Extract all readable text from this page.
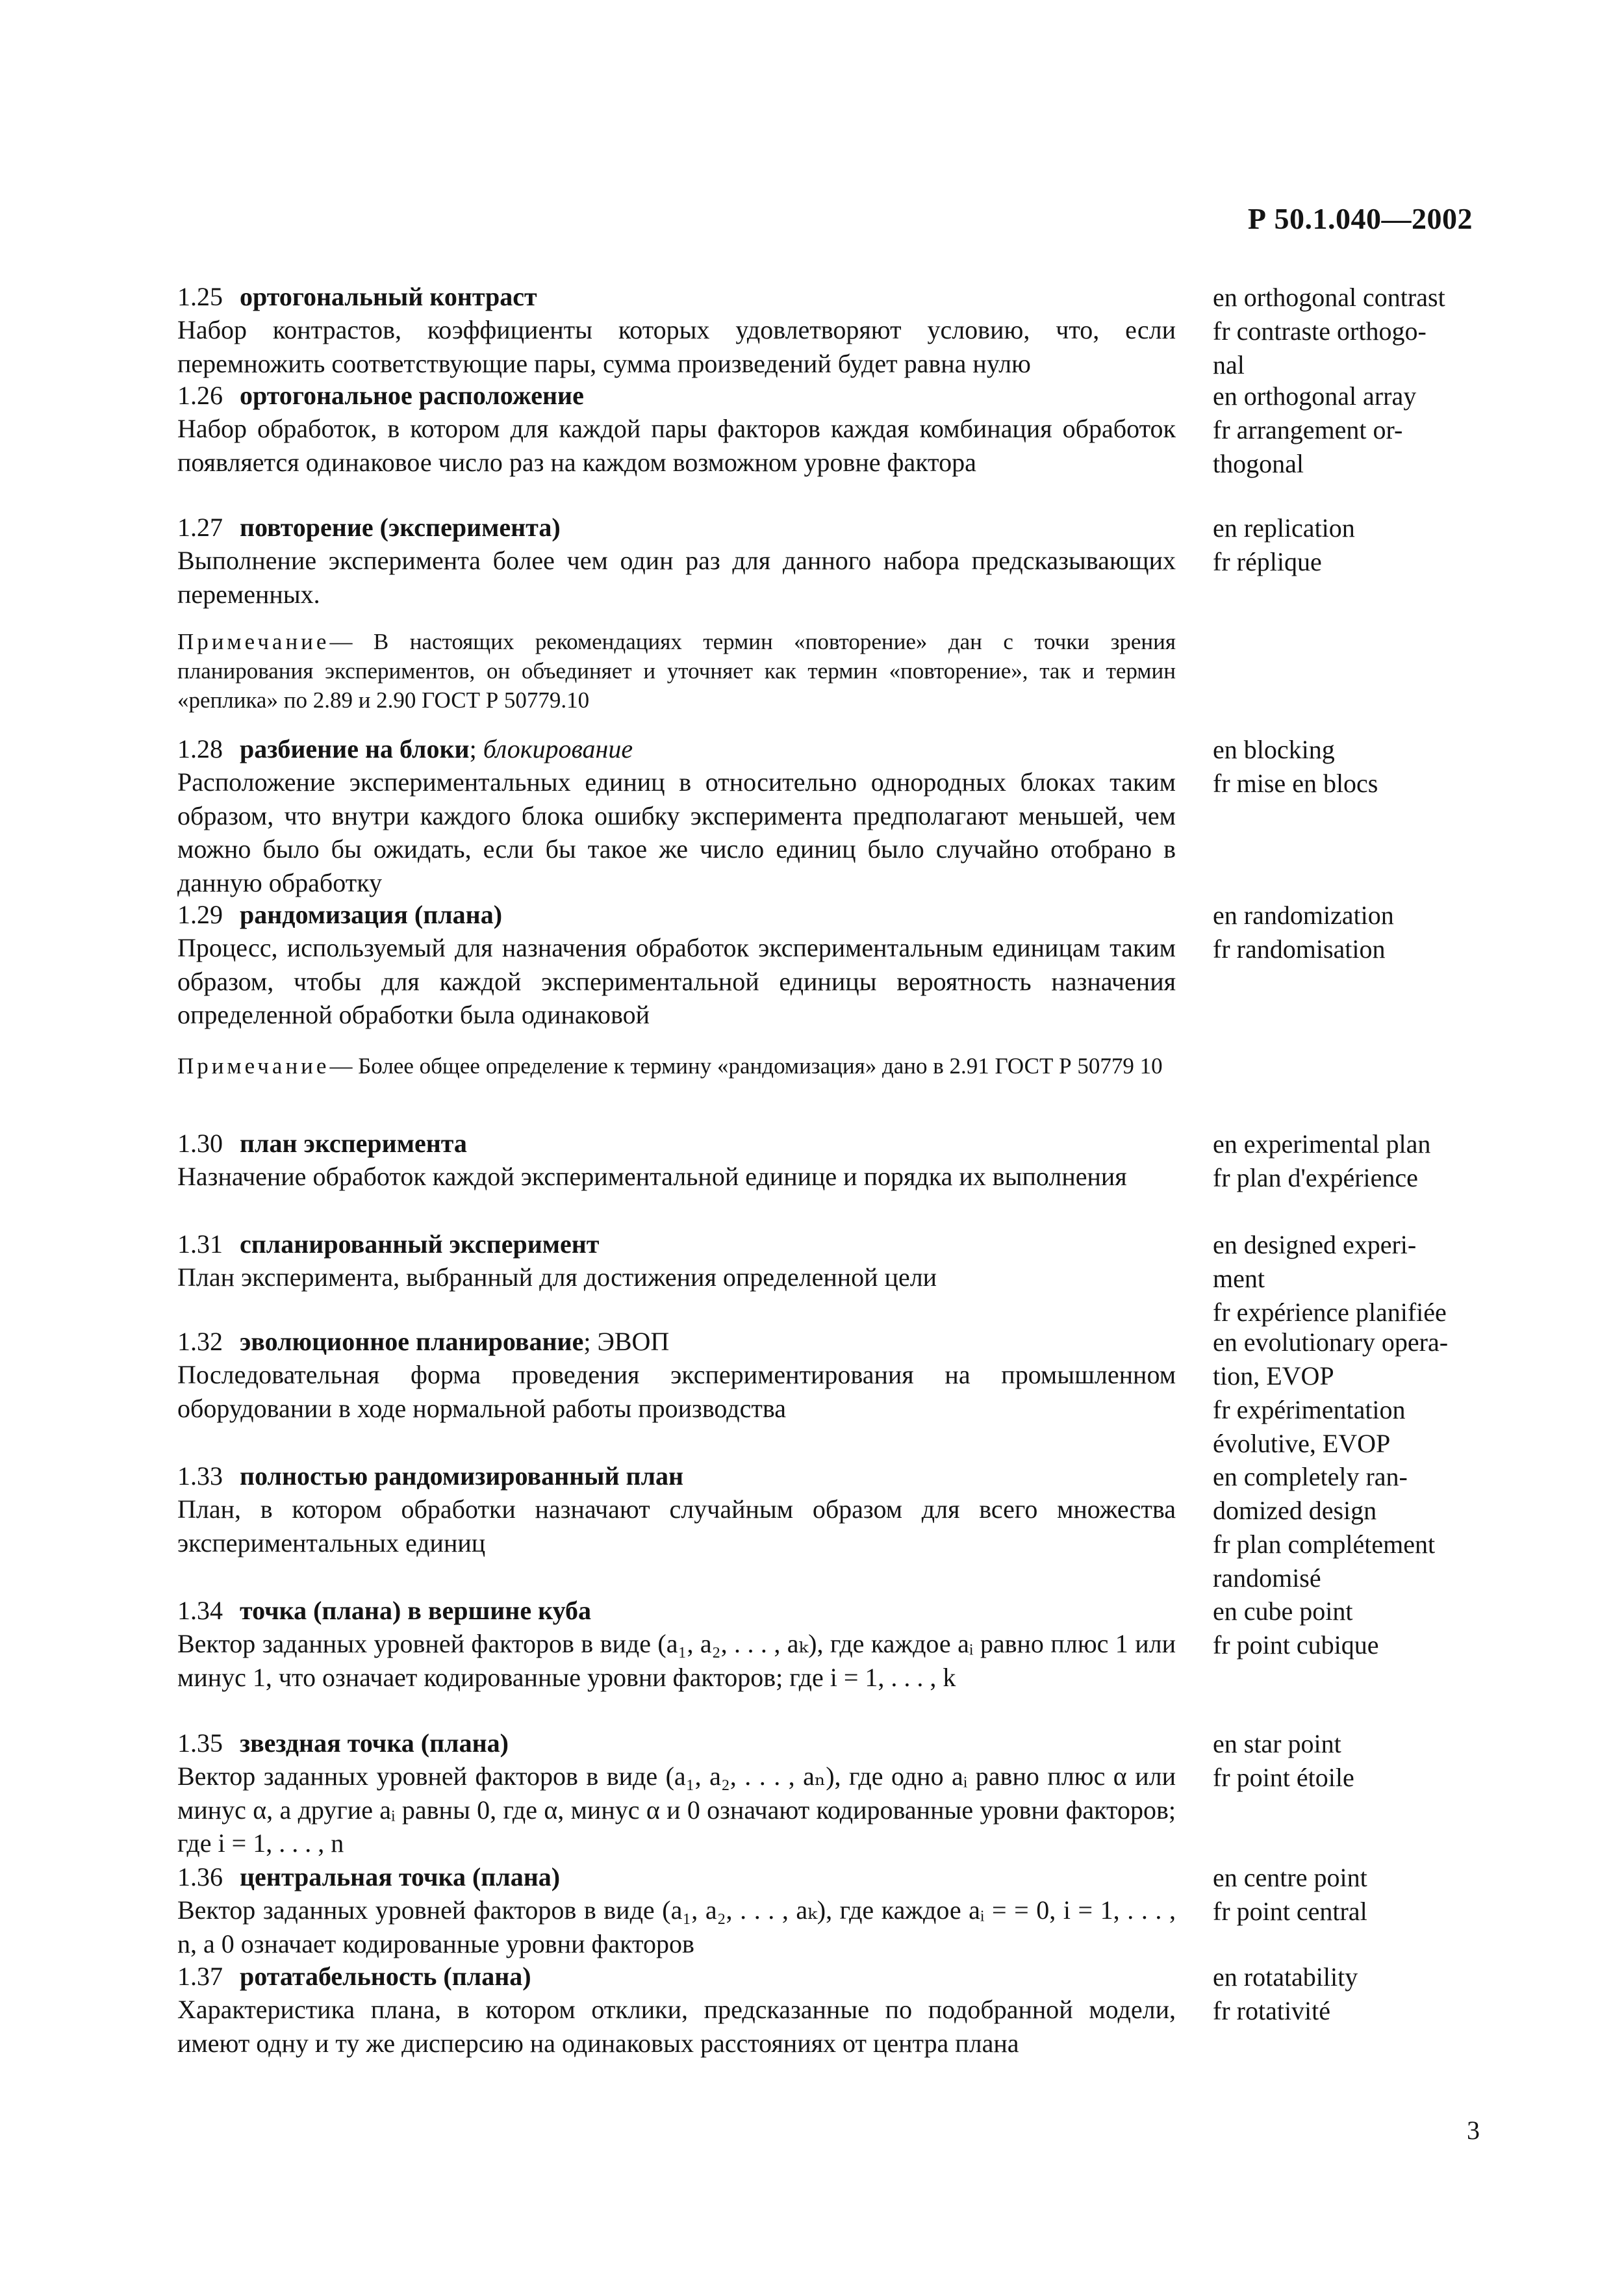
Р 50.1.040—2002
1.25 ортогональный контраст
Набор контрастов, коэффициенты которых удовлетворяют условию, что, если перемножить соответствующие пары, сумма произведений будет равна нулю
en orthogonal contrast
fr contraste orthogo-
nal
1.26 ортогональное расположение
Набор обработок, в котором для каждой пары факторов каждая комбинация обработок появляется одинаковое число раз на каждом возможном уровне фактора
en orthogonal array
fr arrangement or-
thogonal
1.27 повторение (эксперимента)
Выполнение эксперимента более чем один раз для данного набора предсказывающих переменных.
en replication
fr réplique
Примечание— В настоящих рекомендациях термин «повторение» дан с точки зрения планирования экспериментов, он объединяет и уточняет как термин «повторение», так и термин «реплика» по 2.89 и 2.90 ГОСТ Р 50779.10
1.28 разбиение на блоки; блокирование
Расположение экспериментальных единиц в относительно однородных блоках таким образом, что внутри каждого блока ошибку эксперимента предполагают меньшей, чем можно было бы ожидать, если бы такое же число единиц было случайно отобрано в данную обработку
en blocking
fr mise en blocs
1.29 рандомизация (плана)
Процесс, используемый для назначения обработок экспериментальным единицам таким образом, чтобы для каждой экспериментальной единицы вероятность назначения определенной обработки была одинаковой
en randomization
fr randomisation
Примечание— Более общее определение к термину «рандомизация» дано в 2.91 ГОСТ Р 50779 10
1.30 план эксперимента
Назначение обработок каждой экспериментальной единице и порядка их выполнения
en experimental plan
fr plan d'expérience
1.31 спланированный эксперимент
План эксперимента, выбранный для достижения определенной цели
en designed experi-
ment
fr expérience planifiée
1.32 эволюционное планирование; ЭВОП
Последовательная форма проведения экспериментирования на промышленном оборудовании в ходе нормальной работы производства
en evolutionary opera-
tion, EVOP
fr expérimentation
évolutive, EVOP
1.33 полностью рандомизированный план
План, в котором обработки назначают случайным образом для всего множества экспериментальных единиц
en completely ran-
domized design
fr plan complétement
randomisé
1.34 точка (плана) в вершине куба
Вектор заданных уровней факторов в виде (a₁, a₂, . . . , aₖ), где каждое aᵢ равно плюс 1 или минус 1, что означает кодированные уровни факторов; где i = 1, . . . , k
en cube point
fr point cubique
1.35 звездная точка (плана)
Вектор заданных уровней факторов в виде (a₁, a₂, . . . , aₙ), где одно aᵢ равно плюс α или минус α, а другие aᵢ равны 0, где α, минус α и 0 означают кодированные уровни факторов; где i = 1, . . . , n
en star point
fr point étoile
1.36 центральная точка (плана)
Вектор заданных уровней факторов в виде (a₁, a₂, . . . , aₖ), где каждое aᵢ = = 0, i = 1, . . . , n, а 0 означает кодированные уровни факторов
en centre point
fr point central
1.37 ротатабельность (плана)
Характеристика плана, в котором отклики, предсказанные по подобранной модели, имеют одну и ту же дисперсию на одинаковых расстояниях от центра плана
en rotatability
fr rotativité
3
